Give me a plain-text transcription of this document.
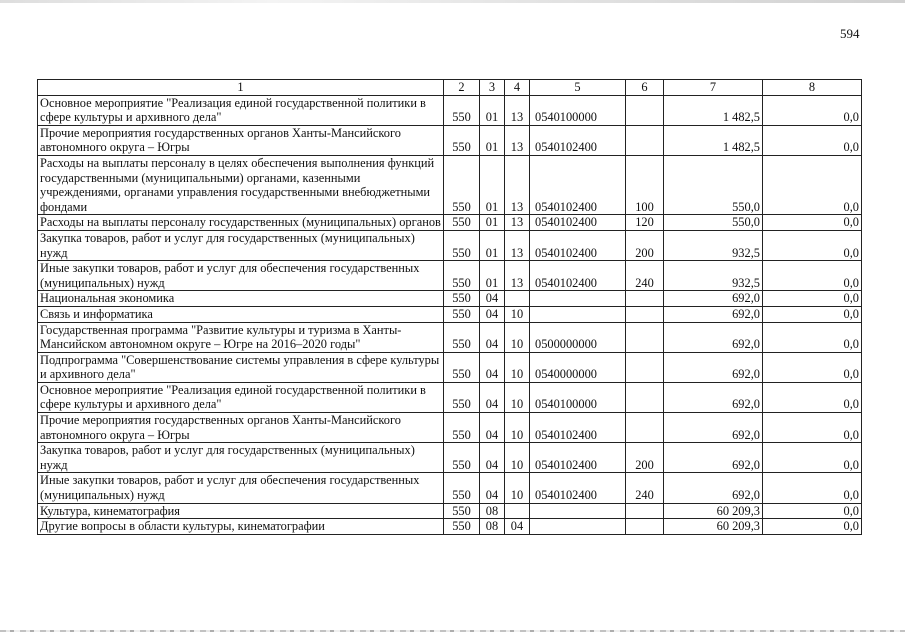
594
1	2	3	4	5	6	7	8
Основное мероприятие "Реализация единой государственной политики в сфере культуры и архивного дела"	550	01	13	0540100000		1 482,5	0,0
Прочие мероприятия государственных органов Ханты-Мансийского автономного округа – Югры	550	01	13	0540102400		1 482,5	0,0
Расходы на выплаты персоналу в целях обеспечения выполнения функций государственными (муниципальными) органами, казенными учреждениями, органами управления государственными внебюджетными фондами	550	01	13	0540102400	100	550,0	0,0
Расходы на выплаты персоналу государственных (муниципальных) органов	550	01	13	0540102400	120	550,0	0,0
Закупка товаров, работ и услуг для государственных (муниципальных) нужд	550	01	13	0540102400	200	932,5	0,0
Иные закупки товаров, работ и услуг для обеспечения государственных (муниципальных) нужд	550	01	13	0540102400	240	932,5	0,0
Национальная экономика	550	04				692,0	0,0
Связь и информатика	550	04	10			692,0	0,0
Государственная программа "Развитие культуры и туризма в Ханты-Мансийском автономном округе – Югре на 2016–2020 годы"	550	04	10	0500000000		692,0	0,0
Подпрограмма "Совершенствование системы управления в сфере культуры и архивного дела"	550	04	10	0540000000		692,0	0,0
Основное мероприятие "Реализация единой государственной политики в сфере культуры и архивного дела"	550	04	10	0540100000		692,0	0,0
Прочие мероприятия государственных органов Ханты-Мансийского автономного округа – Югры	550	04	10	0540102400		692,0	0,0
Закупка товаров, работ и услуг для государственных (муниципальных) нужд	550	04	10	0540102400	200	692,0	0,0
Иные закупки товаров, работ и услуг для обеспечения государственных (муниципальных) нужд	550	04	10	0540102400	240	692,0	0,0
Культура, кинематография	550	08				60 209,3	0,0
Другие вопросы в области культуры, кинематографии	550	08	04			60 209,3	0,0
